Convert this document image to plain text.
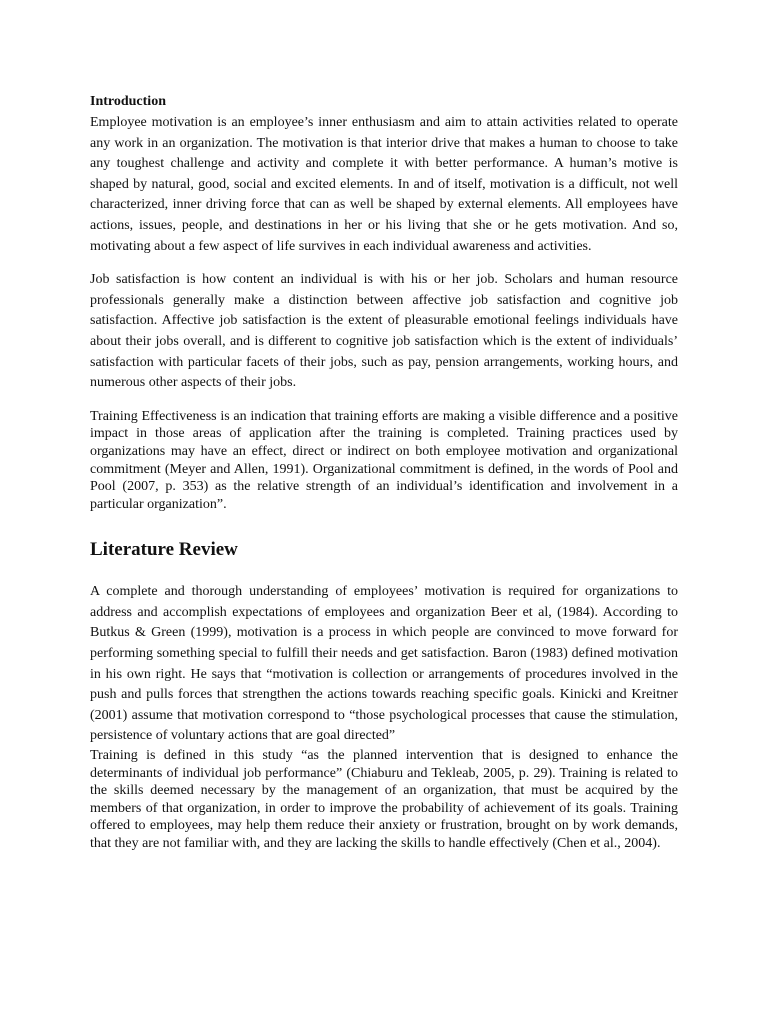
Introduction

Employee motivation is an employee’s inner enthusiasm and aim to attain activities related to operate any work in an organization. The motivation is that interior drive that makes a human to choose to take any toughest challenge and activity and complete it with better performance. A human’s motive is shaped by natural, good, social and excited elements. In and of itself, motivation is a difficult, not well characterized, inner driving force that can as well be shaped by external elements. All employees have actions, issues, people, and destinations in her or his living that she or he gets motivation. And so, motivating about a few aspect of life survives in each individual awareness and activities.

Job satisfaction is how content an individual is with his or her job. Scholars and human resource professionals generally make a distinction between affective job satisfaction and cognitive job satisfaction. Affective job satisfaction is the extent of pleasurable emotional feelings individuals have about their jobs overall, and is different to cognitive job satisfaction which is the extent of individuals’ satisfaction with particular facets of their jobs, such as pay, pension arrangements, working hours, and numerous other aspects of their jobs.

Training Effectiveness is an indication that training efforts are making a visible difference and a positive impact in those areas of application after the training is completed. Training practices used by organizations may have an effect, direct or indirect on both employee motivation and organizational commitment (Meyer and Allen, 1991). Organizational commitment is defined, in the words of Pool and Pool (2007, p. 353) as the relative strength of an individual’s identification and involvement in a particular organization”.

Literature Review

A complete and thorough understanding of employees’ motivation is required for organizations to address and accomplish expectations of employees and organization Beer et al, (1984). According to Butkus & Green (1999), motivation is a process in which people are convinced to move forward for performing something special to fulfill their needs and get satisfaction. Baron (1983) defined motivation in his own right. He says that “motivation is collection or arrangements of procedures involved in the push and pulls forces that strengthen the actions towards reaching specific goals. Kinicki and Kreitner (2001) assume that motivation correspond to “those psychological processes that cause the stimulation, persistence of voluntary actions that are goal directed”

Training is defined in this study “as the planned intervention that is designed to enhance the determinants of individual job performance” (Chiaburu and Tekleab, 2005, p. 29). Training is related to the skills deemed necessary by the management of an organization, that must be acquired by the members of that organization, in order to improve the probability of achievement of its goals. Training offered to employees, may help them reduce their anxiety or frustration, brought on by work demands, that they are not familiar with, and they are lacking the skills to handle effectively (Chen et al., 2004).
